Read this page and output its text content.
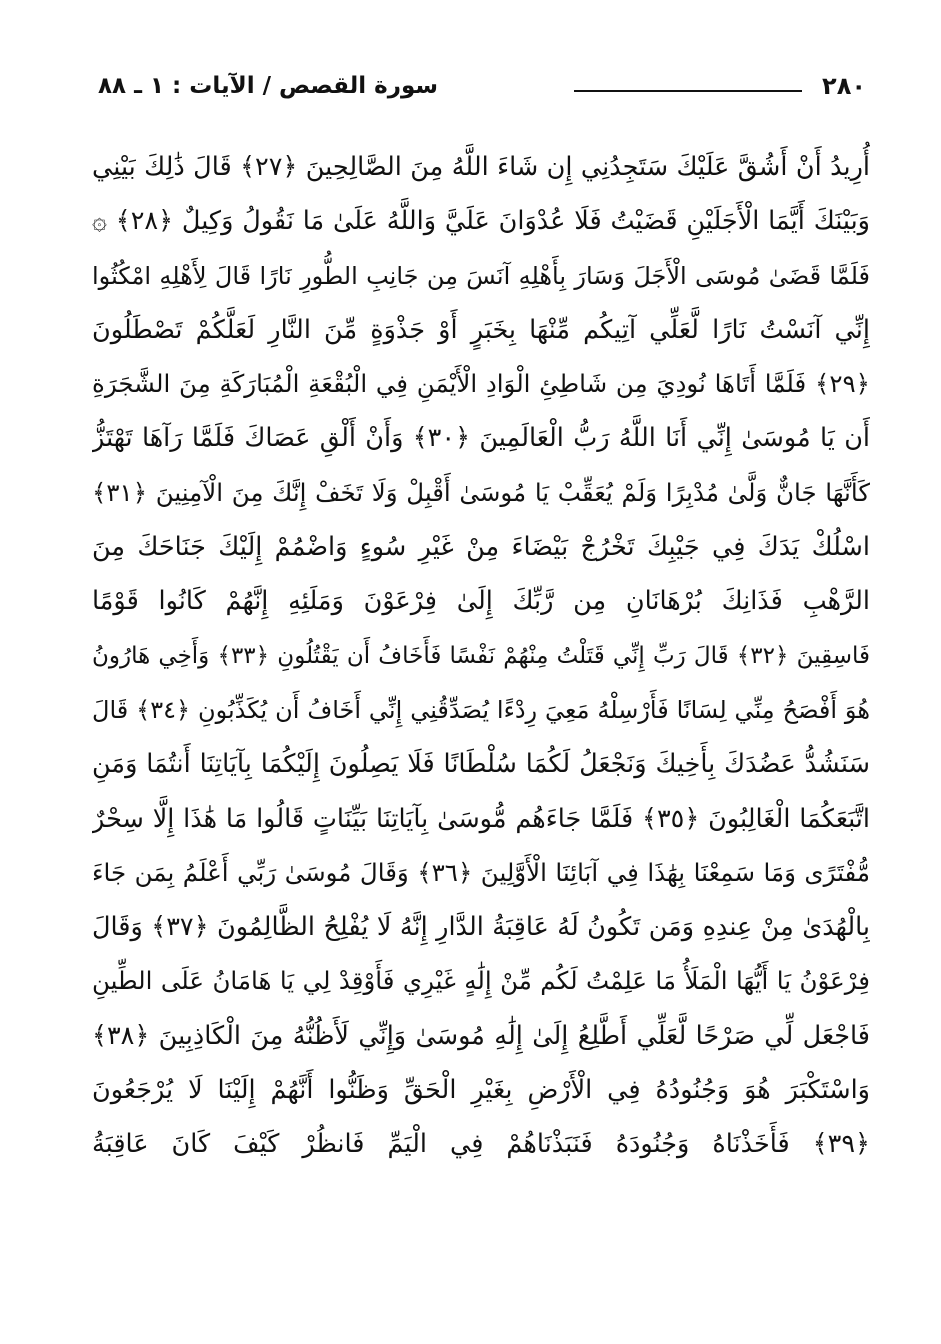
٢٨٠
سورة القصص / الآيات : ١ ـ ٨٨
أُرِيدُ أَنْ أَشُقَّ عَلَيْكَ سَتَجِدُنِي إِن شَاءَ اللَّهُ مِنَ الصَّالِحِينَ ﴿٢٧﴾ قَالَ ذَٰلِكَ بَيْنِي
وَبَيْنَكَ أَيَّمَا الْأَجَلَيْنِ قَضَيْتُ فَلَا عُدْوَانَ عَلَيَّ وَاللَّهُ عَلَىٰ مَا نَقُولُ وَكِيلٌ ﴿٢٨﴾ ۞
فَلَمَّا قَضَىٰ مُوسَى الْأَجَلَ وَسَارَ بِأَهْلِهِ آنَسَ مِن جَانِبِ الطُّورِ نَارًا قَالَ لِأَهْلِهِ امْكُثُوا
إِنِّي آنَسْتُ نَارًا لَّعَلِّي آتِيكُم مِّنْهَا بِخَبَرٍ أَوْ جَذْوَةٍ مِّنَ النَّارِ لَعَلَّكُمْ تَصْطَلُونَ
﴿٢٩﴾ فَلَمَّا أَتَاهَا نُودِيَ مِن شَاطِئِ الْوَادِ الْأَيْمَنِ فِي الْبُقْعَةِ الْمُبَارَكَةِ مِنَ الشَّجَرَةِ
أَن يَا مُوسَىٰ إِنِّي أَنَا اللَّهُ رَبُّ الْعَالَمِينَ ﴿٣٠﴾ وَأَنْ أَلْقِ عَصَاكَ فَلَمَّا رَآهَا تَهْتَزُّ
كَأَنَّهَا جَانٌّ وَلَّىٰ مُدْبِرًا وَلَمْ يُعَقِّبْ يَا مُوسَىٰ أَقْبِلْ وَلَا تَخَفْ إِنَّكَ مِنَ الْآمِنِينَ ﴿٣١﴾
اسْلُكْ يَدَكَ فِي جَيْبِكَ تَخْرُجْ بَيْضَاءَ مِنْ غَيْرِ سُوءٍ وَاضْمُمْ إِلَيْكَ جَنَاحَكَ مِنَ
الرَّهْبِ فَذَانِكَ بُرْهَانَانِ مِن رَّبِّكَ إِلَىٰ فِرْعَوْنَ وَمَلَئِهِ إِنَّهُمْ كَانُوا قَوْمًا
فَاسِقِينَ ﴿٣٢﴾ قَالَ رَبِّ إِنِّي قَتَلْتُ مِنْهُمْ نَفْسًا فَأَخَافُ أَن يَقْتُلُونِ ﴿٣٣﴾ وَأَخِي هَارُونُ
هُوَ أَفْصَحُ مِنِّي لِسَانًا فَأَرْسِلْهُ مَعِيَ رِدْءًا يُصَدِّقُنِي إِنِّي أَخَافُ أَن يُكَذِّبُونِ ﴿٣٤﴾ قَالَ
سَنَشُدُّ عَضُدَكَ بِأَخِيكَ وَنَجْعَلُ لَكُمَا سُلْطَانًا فَلَا يَصِلُونَ إِلَيْكُمَا بِآيَاتِنَا أَنتُمَا وَمَنِ
اتَّبَعَكُمَا الْغَالِبُونَ ﴿٣٥﴾ فَلَمَّا جَاءَهُم مُّوسَىٰ بِآيَاتِنَا بَيِّنَاتٍ قَالُوا مَا هَٰذَا إِلَّا سِحْرٌ
مُّفْتَرًى وَمَا سَمِعْنَا بِهَٰذَا فِي آبَائِنَا الْأَوَّلِينَ ﴿٣٦﴾ وَقَالَ مُوسَىٰ رَبِّي أَعْلَمُ بِمَن جَاءَ
بِالْهُدَىٰ مِنْ عِندِهِ وَمَن تَكُونُ لَهُ عَاقِبَةُ الدَّارِ إِنَّهُ لَا يُفْلِحُ الظَّالِمُونَ ﴿٣٧﴾ وَقَالَ
فِرْعَوْنُ يَا أَيُّهَا الْمَلَأُ مَا عَلِمْتُ لَكُم مِّنْ إِلَٰهٍ غَيْرِي فَأَوْقِدْ لِي يَا هَامَانُ عَلَى الطِّينِ
فَاجْعَل لِّي صَرْحًا لَّعَلِّي أَطَّلِعُ إِلَىٰ إِلَٰهِ مُوسَىٰ وَإِنِّي لَأَظُنُّهُ مِنَ الْكَاذِبِينَ ﴿٣٨﴾
وَاسْتَكْبَرَ هُوَ وَجُنُودُهُ فِي الْأَرْضِ بِغَيْرِ الْحَقِّ وَظَنُّوا أَنَّهُمْ إِلَيْنَا لَا يُرْجَعُونَ
﴿٣٩﴾ فَأَخَذْنَاهُ وَجُنُودَهُ فَنَبَذْنَاهُمْ فِي الْيَمِّ فَانظُرْ كَيْفَ كَانَ عَاقِبَةُ
